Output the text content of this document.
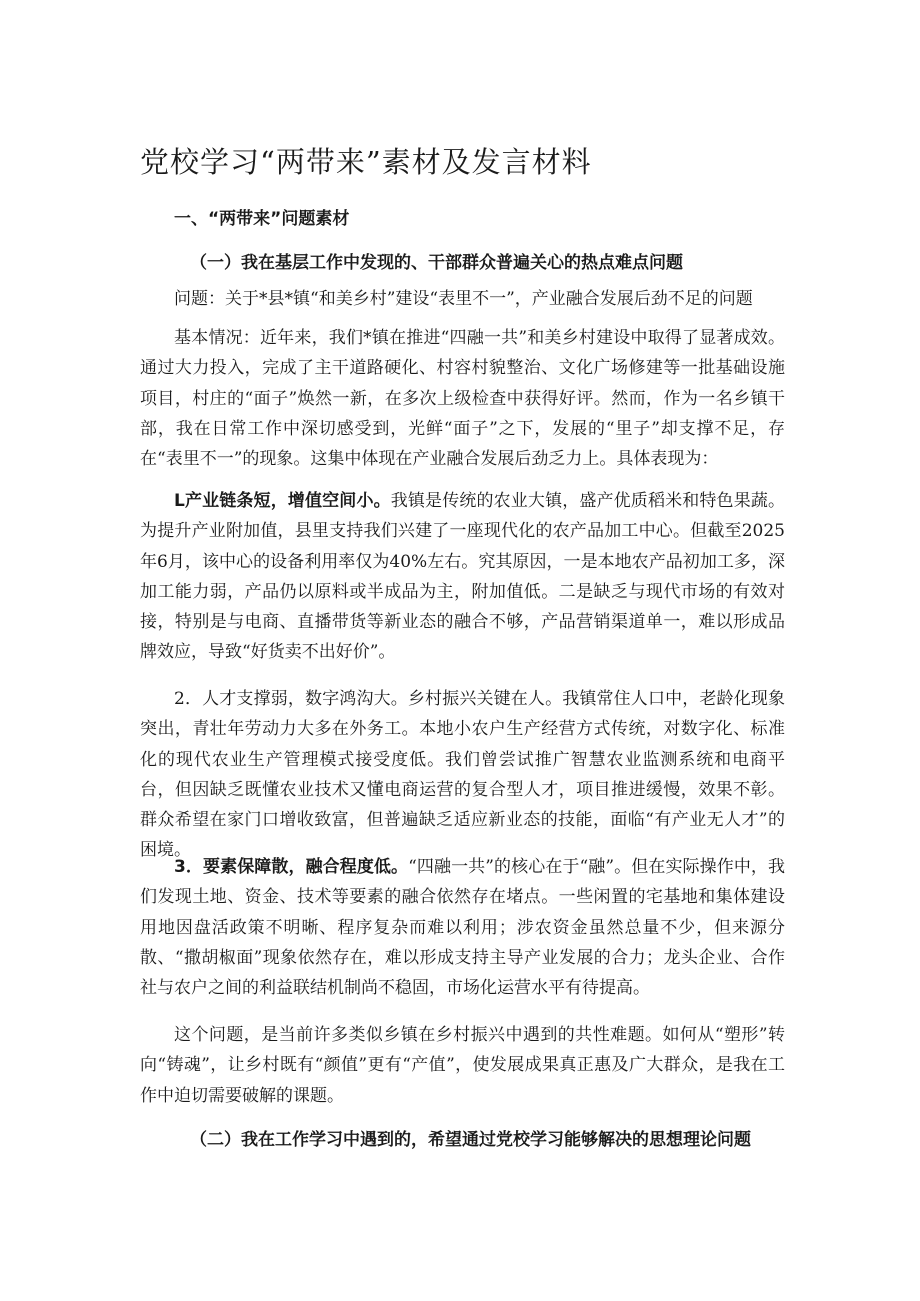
党校学习“两带来”素材及发言材料
一、“两带来”问题素材
（一）我在基层工作中发现的、干部群众普遍关心的热点难点问题

问题：关于*县*镇“和美乡村”建设“表里不一”，产业融合发展后劲不足的问题

基本情况：近年来，我们*镇在推进“四融一共”和美乡村建设中取得了显著成效。通过大力投入，完成了主干道路硬化、村容村貌整治、文化广场修建等一批基础设施项目，村庄的“面子”焕然一新，在多次上级检查中获得好评。然而，作为一名乡镇干部，我在日常工作中深切感受到，光鲜“面子”之下，发展的“里子”却支撑不足，存在“表里不一”的现象。这集中体现在产业融合发展后劲乏力上。具体表现为：

L产业链条短，增值空间小。我镇是传统的农业大镇，盛产优质稻米和特色果蔬。为提升产业附加值，县里支持我们兴建了一座现代化的农产品加工中心。但截至2025年6月，该中心的设备利用率仅为40%左右。究其原因，一是本地农产品初加工多，深加工能力弱，产品仍以原料或半成品为主，附加值低。二是缺乏与现代市场的有效对接，特别是与电商、直播带货等新业态的融合不够，产品营销渠道单一，难以形成品牌效应，导致“好货卖不出好价”。

2．人才支撑弱，数字鸿沟大。乡村振兴关键在人。我镇常住人口中，老龄化现象突出，青壮年劳动力大多在外务工。本地小农户生产经营方式传统，对数字化、标准化的现代农业生产管理模式接受度低。我们曾尝试推广智慧农业监测系统和电商平台，但因缺乏既懂农业技术又懂电商运营的复合型人才，项目推进缓慢，效果不彰。群众希望在家门口增收致富，但普遍缺乏适应新业态的技能，面临“有产业无人才”的困境。

3．要素保障散，融合程度低。“四融一共”的核心在于“融”。但在实际操作中，我们发现土地、资金、技术等要素的融合依然存在堵点。一些闲置的宅基地和集体建设用地因盘活政策不明晰、程序复杂而难以利用；涉农资金虽然总量不少，但来源分散、“撒胡椒面”现象依然存在，难以形成支持主导产业发展的合力；龙头企业、合作社与农户之间的利益联结机制尚不稳固，市场化运营水平有待提高。

这个问题，是当前许多类似乡镇在乡村振兴中遇到的共性难题。如何从“塑形”转向“铸魂”，让乡村既有“颜值”更有“产值”，使发展成果真正惠及广大群众，是我在工作中迫切需要破解的课题。

（二）我在工作学习中遇到的，希望通过党校学习能够解决的思想理论问题
